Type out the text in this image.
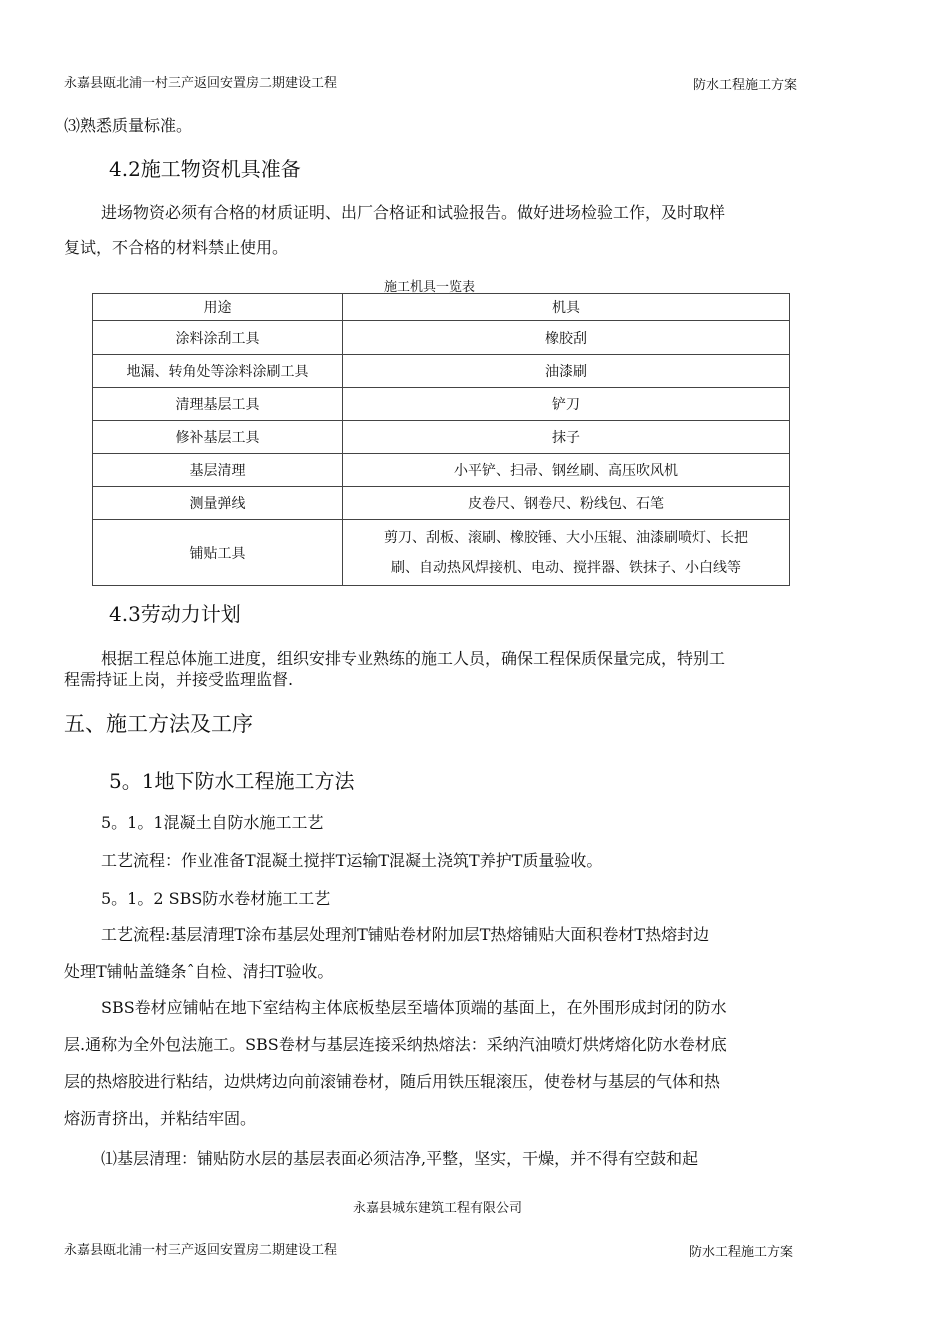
永嘉县瓯北浦一村三产返回安置房二期建设工程	防水工程施工方案
⑶熟悉质量标准。
4.2施工物资机具准备
进场物资必须有合格的材质证明、出厂合格证和试验报告。做好进场检验工作，及时取样
复试，不合格的材料禁止使用。
施工机具一览表
用途	机具
涂料涂刮工具	橡胶刮
地漏、转角处等涂料涂刷工具	油漆刷
清理基层工具	铲刀
修补基层工具	抹子
基层清理	小平铲、扫帚、钢丝刷、高压吹风机
测量弹线	皮卷尺、钢卷尺、粉线包、石笔
铺贴工具	剪刀、刮板、滚刷、橡胶锤、大小压辊、油漆刷喷灯、长把
刷、自动热风焊接机、电动、搅拌器、铁抹子、小白线等
4.3劳动力计划
根据工程总体施工进度，组织安排专业熟练的施工人员，确保工程保质保量完成，特别工
程需持证上岗，并接受监理监督.
五、施工方法及工序
5。1地下防水工程施工方法
5。1。1混凝土自防水施工工艺
工艺流程：作业准备T混凝土搅拌T运输T混凝土浇筑T养护T质量验收。
5。1。2 SBS防水卷材施工工艺
工艺流程:基层清理T涂布基层处理剂T铺贴卷材附加层T热熔铺贴大面积卷材T热熔封边
处理T铺帖盖缝条ˆ自检、清扫T验收。
SBS卷材应铺帖在地下室结构主体底板垫层至墙体顶端的基面上，在外围形成封闭的防水
层.通称为全外包法施工。SBS卷材与基层连接采纳热熔法：采纳汽油喷灯烘烤熔化防水卷材底
层的热熔胶进行粘结，边烘烤边向前滚铺卷材，随后用铁压辊滚压，使卷材与基层的气体和热
熔沥青挤出，并粘结牢固。
⑴基层清理：铺贴防水层的基层表面必须洁净,平整，坚实，干燥，并不得有空鼓和起
永嘉县城东建筑工程有限公司
永嘉县瓯北浦一村三产返回安置房二期建设工程	防水工程施工方案
